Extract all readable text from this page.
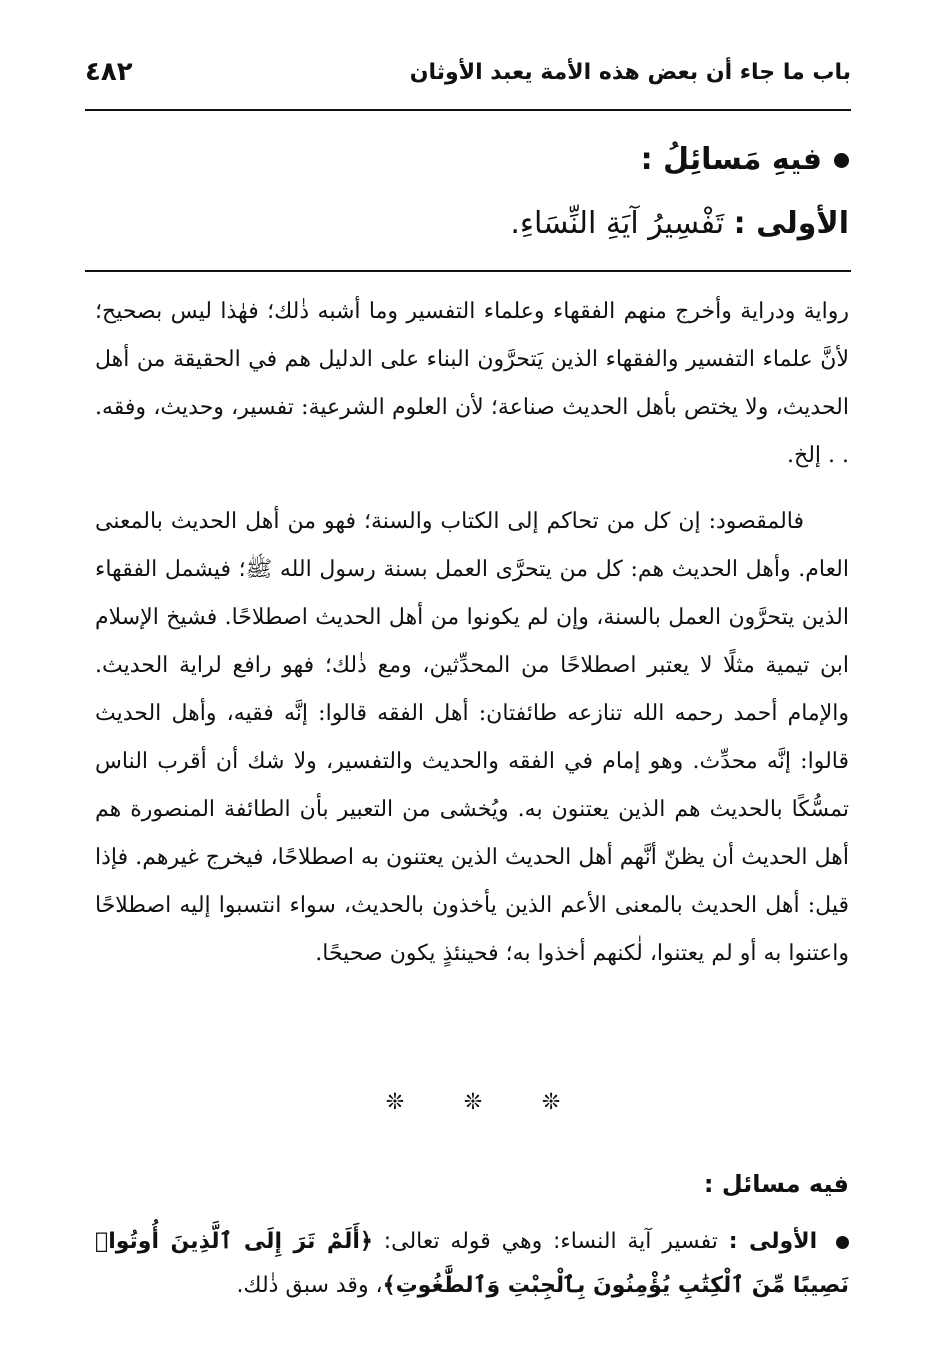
باب ما جاء أن بعض هذه الأمة يعبد الأوثان
٤٨٢
فيهِ مَسائِلُ :
الأولى : تَفْسِيرُ آيَةِ النِّسَاءِ.

رواية ودراية وأخرج منهم الفقهاء وعلماء التفسير وما أشبه ذٰلك؛ فهٰذا ليس بصحيح؛ لأنَّ علماء التفسير والفقهاء الذين يَتحرَّون البناء على الدليل هم في الحقيقة من أهل الحديث، ولا يختص بأهل الحديث صناعة؛ لأن العلوم الشرعية: تفسير، وحديث، وفقه. . . إلخ.

فالمقصود: إن كل من تحاكم إلى الكتاب والسنة؛ فهو من أهل الحديث بالمعنى العام. وأهل الحديث هم: كل من يتحرَّى العمل بسنة رسول الله ﷺ؛ فيشمل الفقهاء الذين يتحرَّون العمل بالسنة، وإن لم يكونوا من أهل الحديث اصطلاحًا. فشيخ الإسلام ابن تيمية مثلًا لا يعتبر اصطلاحًا من المحدِّثين، ومع ذٰلك؛ فهو رافع لراية الحديث. والإمام أحمد رحمه الله تنازعه طائفتان: أهل الفقه قالوا: إنَّه فقيه، وأهل الحديث قالوا: إنَّه محدِّث. وهو إمام في الفقه والحديث والتفسير، ولا شك أن أقرب الناس تمسُّكًا بالحديث هم الذين يعتنون به. ويُخشى من التعبير بأن الطائفة المنصورة هم أهل الحديث أن يظنّ أنَّهم أهل الحديث الذين يعتنون به اصطلاحًا، فيخرج غيرهم. فإذا قيل: أهل الحديث بالمعنى الأعم الذين يأخذون بالحديث، سواء انتسبوا إليه اصطلاحًا واعتنوا به أو لم يعتنوا، لٰكنهم أخذوا به؛ فحينئذٍ يكون صحيحًا.

❊ ❊ ❊
فيه مسائل :
الأولى : تفسير آية النساء: وهي قوله تعالى: ﴿أَلَمْ تَرَ إِلَى ٱلَّذِينَ أُوتُوا۟ نَصِيبًا مِّنَ ٱلْكِتَٰبِ يُؤْمِنُونَ بِٱلْجِبْتِ وَٱلطَّٰغُوتِ﴾، وقد سبق ذٰلك.
